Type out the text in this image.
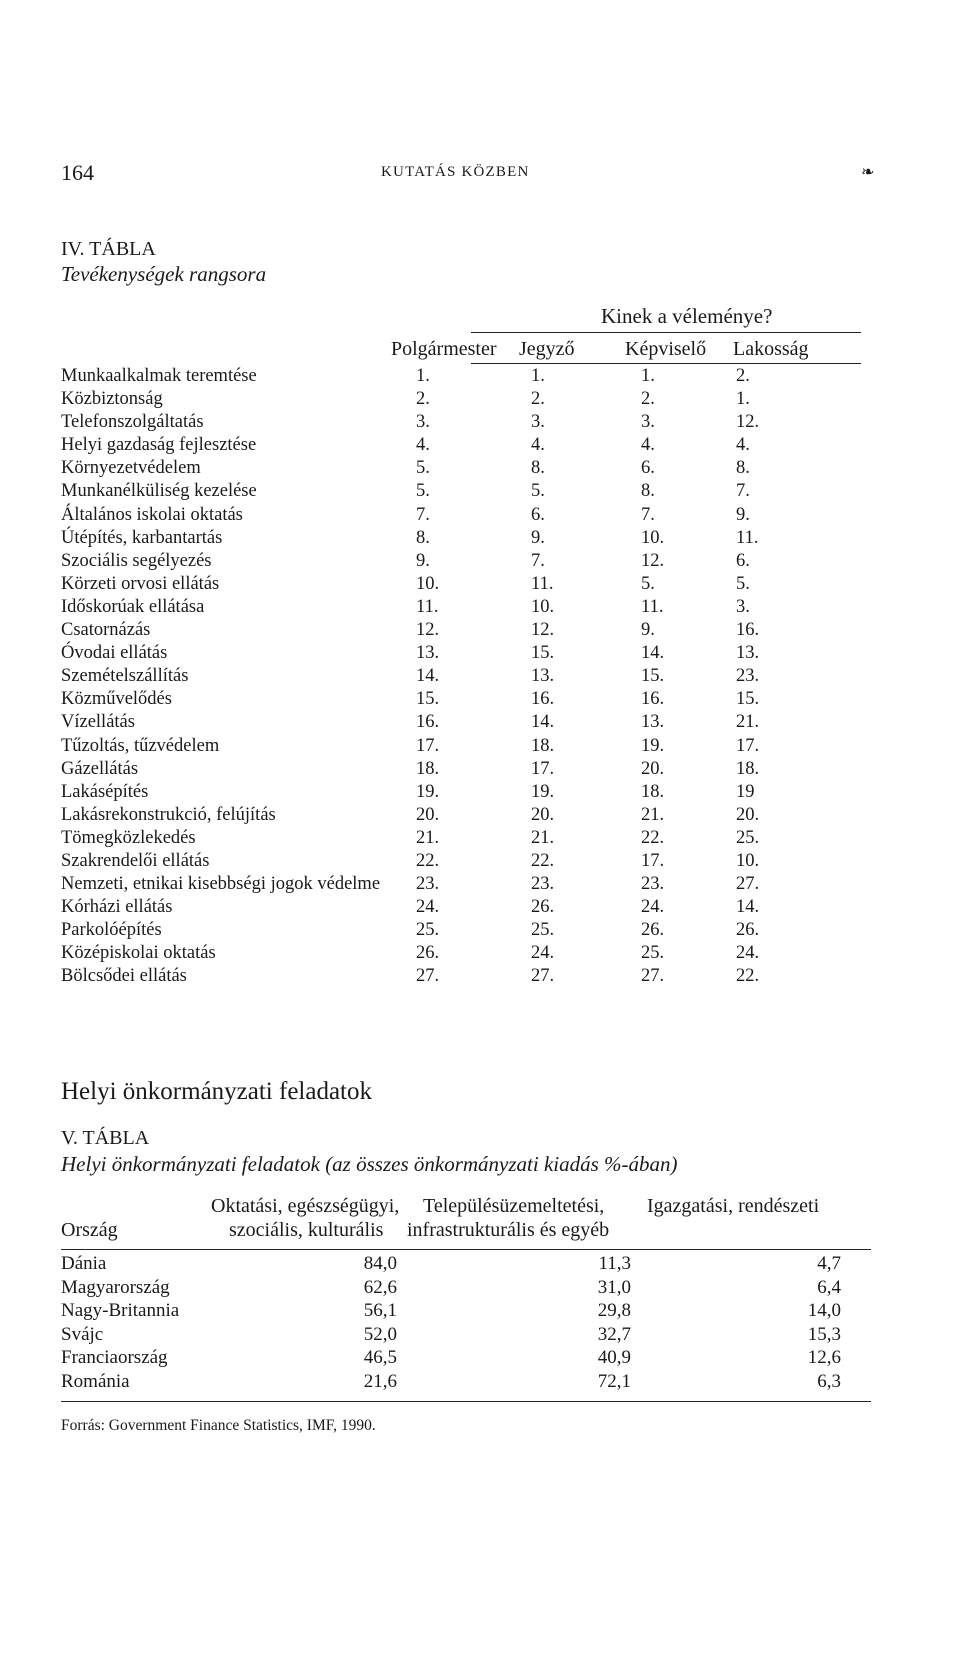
164	KUTATÁS KÖZBEN	❧
IV. TÁBLA
Tevékenységek rangsora
Kinek a véleménye?
Polgármester Jegyző	Képviselő Lakosság
Munkaalkalmak teremtése	1.	1.	1.	2.
Közbiztonság	2.	2.	2.	1.
Telefonszolgáltatás	3.	3.	3.	12.
Helyi gazdaság fejlesztése	4.	4.	4.	4.
Környezetvédelem	5.	8.	6.	8.
Munkanélküliség kezelése	5.	5.	8.	7.
Általános iskolai oktatás	7.	6.	7.	9.
Útépítés, karbantartás	8.	9.	10.	11.
Szociális segélyezés	9.	7.	12.	6.
Körzeti orvosi ellátás	10.	11.	5.	5.
Időskorúak ellátása	11.	10.	11.	3.
Csatornázás	12.	12.	9.	16.
Óvodai ellátás	13.	15.	14.	13.
Szemételszállítás	14.	13.	15.	23.
Közművelődés	15.	16.	16.	15.
Vízellátás	16.	14.	13.	21.
Tűzoltás, tűzvédelem	17.	18.	19.	17.
Gázellátás	18.	17.	20.	18.
Lakásépítés	19.	19.	18.	19
Lakásrekonstrukció, felújítás	20.	20.	21.	20.
Tömegközlekedés	21.	21.	22.	25.
Szakrendelői ellátás	22.	22.	17.	10.
Nemzeti, etnikai kisebbségi jogok védelme 23.	23.	23.	27.
Kórházi ellátás	24.	26.	24.	14.
Parkolóépítés	25.	25.	26.	26.
Középiskolai oktatás	26.	24.	25.	24.
Bölcsődei ellátás	27.	27.	27.	22.
Helyi önkormányzati feladatok
V. TÁBLA
Helyi önkormányzati feladatok (az összes önkormányzati kiadás %-ában)
Ország
Oktatási, egészségügyi,
szociális, kulturális
Településüzemeltetési,
infrastrukturális és egyéb
Igazgatási, rendészeti
Dánia	84,0	11,3	4,7
Magyarország	62,6	31,0	6,4
Nagy-Britannia	56,1	29,8	14,0
Svájc	52,0	32,7	15,3
Franciaország	46,5	40,9	12,6
Románia	21,6	72,1	6,3
Forrás: Government Finance Statistics, IMF, 1990.
